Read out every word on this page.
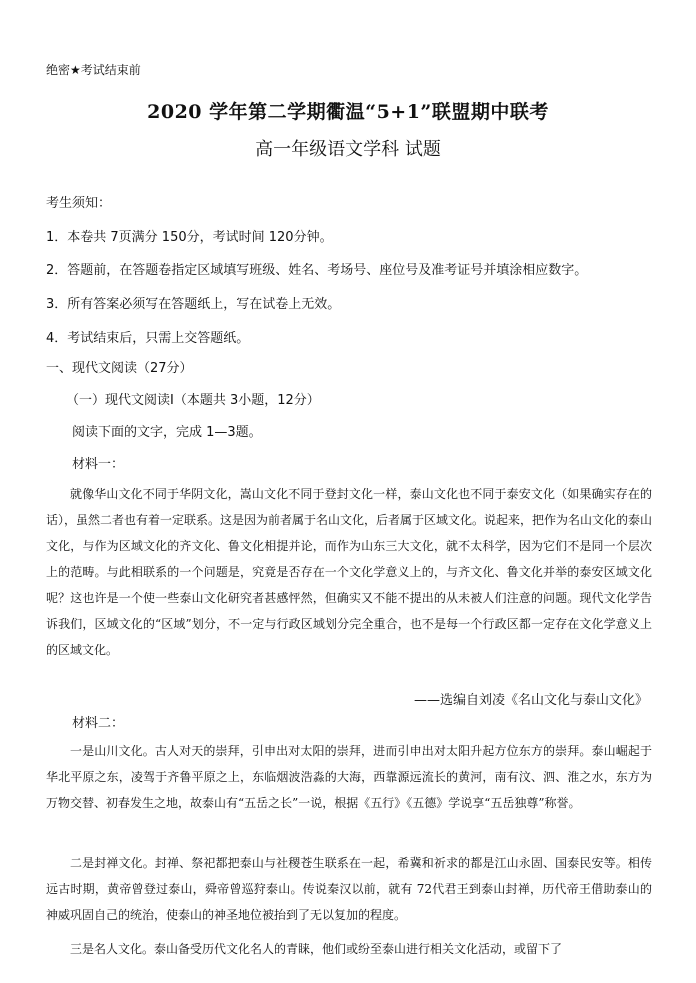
绝密★考试结束前
2020 学年第二学期衢温“5+1”联盟期中联考
高一年级语文学科 试题
考生须知：
1．本卷共 7页满分 150分，考试时间 120分钟。
2．答题前，在答题卷指定区域填写班级、姓名、考场号、座位号及准考证号并填涂相应数字。
3．所有答案必须写在答题纸上，写在试卷上无效。
4．考试结束后，只需上交答题纸。
一、现代文阅读（27分）
（一）现代文阅读Ⅰ（本题共 3小题，12分）
阅读下面的文字，完成 1—3题。
材料一：
就像华山文化不同于华阴文化，嵩山文化不同于登封文化一样，泰山文化也不同于泰安文化（如果确实存在的话），虽然二者也有着一定联系。这是因为前者属于名山文化，后者属于区域文化。说起来，把作为名山文化的泰山文化，与作为区域文化的齐文化、鲁文化相提并论，而作为山东三大文化，就不太科学，因为它们不是同一个层次上的范畴。与此相联系的一个问题是，究竟是否存在一个文化学意义上的，与齐文化、鲁文化并举的泰安区域文化呢？这也许是一个使一些泰山文化研究者甚感怦然，但确实又不能不提出的从未被人们注意的问题。现代文化学告诉我们，区域文化的“区域”划分，不一定与行政区域划分完全重合，也不是每一个行政区都一定存在文化学意义上的区域文化。
——选编自刘凌《名山文化与泰山文化》
材料二：
一是山川文化。古人对天的崇拜，引申出对太阳的崇拜，进而引申出对太阳升起方位东方的崇拜。泰山崛起于华北平原之东，凌驾于齐鲁平原之上，东临烟波浩淼的大海，西靠源远流长的黄河，南有汶、泗、淮之水，东方为万物交替、初春发生之地，故泰山有“五岳之长”一说，根据《五行》《五德》学说享“五岳独尊”称誉。
二是封禅文化。封禅、祭祀都把泰山与社稷苍生联系在一起，希冀和祈求的都是江山永固、国泰民安等。相传远古时期，黄帝曾登过泰山，舜帝曾巡狩泰山。传说秦汉以前，就有 72代君王到泰山封禅，历代帝王借助泰山的神威巩固自己的统治，使泰山的神圣地位被抬到了无以复加的程度。
三是名人文化。泰山备受历代文化名人的青睐，他们或纷至泰山进行相关文化活动，或留下了
